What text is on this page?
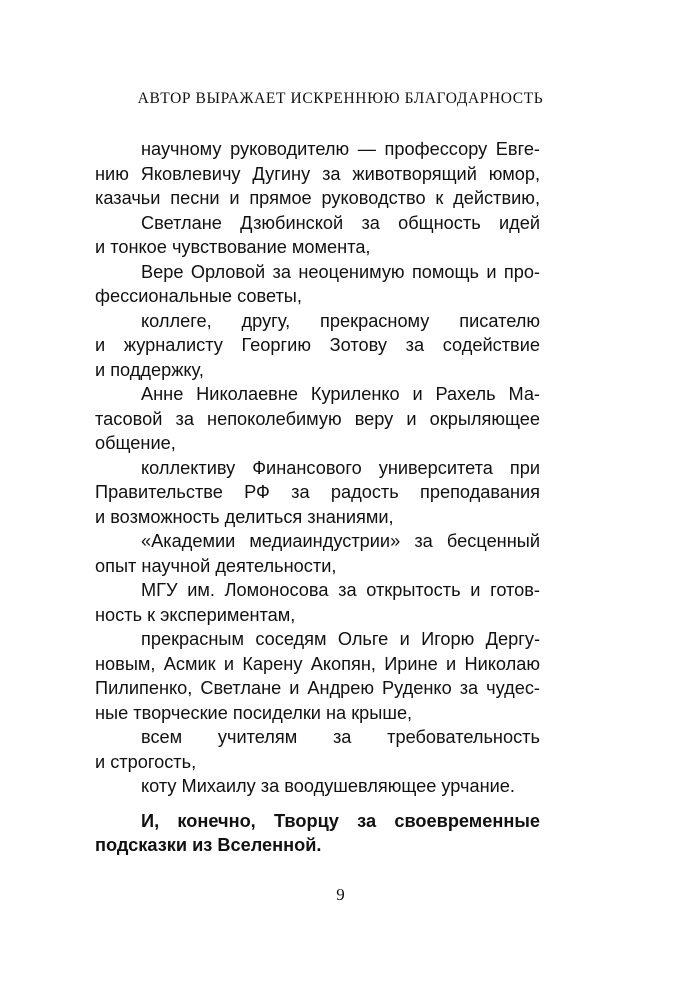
АВТОР ВЫРАЖАЕТ ИСКРЕННЮЮ БЛАГОДАРНОСТЬ
научному руководителю — профессору Евге-
нию Яковлевичу Дугину за животворящий юмор,
казачьи песни и прямое руководство к действию,
Светлане Дзюбинской за общность идей
и тонкое чувствование момента,
Вере Орловой за неоценимую помощь и про-
фессиональные советы,
коллеге, другу, прекрасному писателю
и журналисту Георгию Зотову за содействие
и поддержку,
Анне Николаевне Куриленко и Рахель Ма-
тасовой за непоколебимую веру и окрыляющее
общение,
коллективу Финансового университета при
Правительстве РФ за радость преподавания
и возможность делиться знаниями,
«Академии медиаиндустрии» за бесценный
опыт научной деятельности,
МГУ им. Ломоносова за открытость и готов-
ность к экспериментам,
прекрасным соседям Ольге и Игорю Дергу-
новым, Асмик и Карену Акопян, Ирине и Николаю
Пилипенко, Светлане и Андрею Руденко за чудес-
ные творческие посиделки на крыше,
всем учителям за требовательность
и строгость,
коту Михаилу за воодушевляющее урчание.
И, конечно, Творцу за своевременные
подсказки из Вселенной.
9
